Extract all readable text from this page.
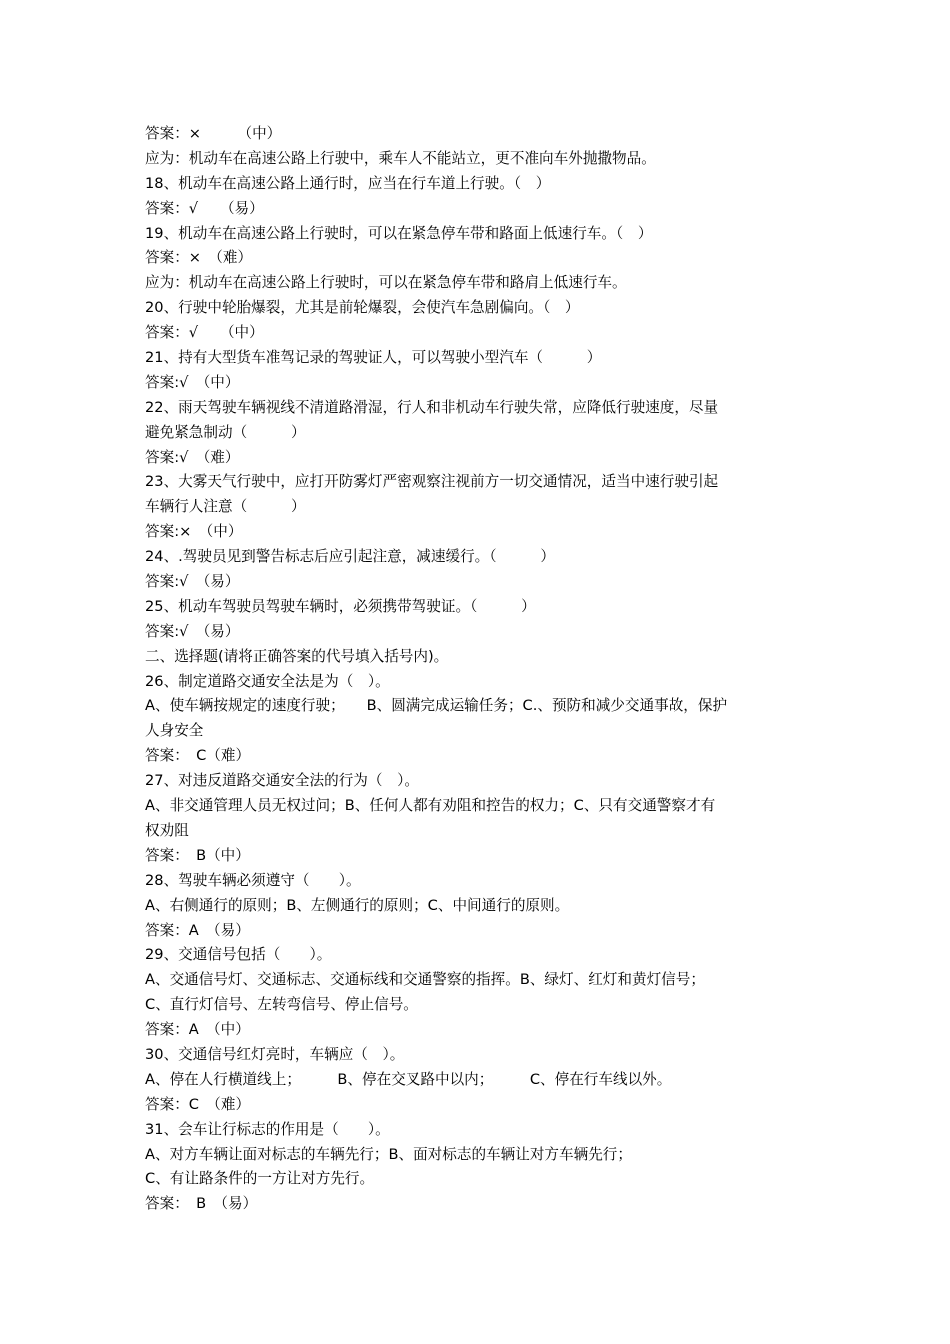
答案：×　　　（中）
应为：机动车在高速公路上行驶中，乘车人不能站立，更不准向车外抛撒物品。
18、机动车在高速公路上通行时，应当在行车道上行驶。（　）
答案：√　　（易）
19、机动车在高速公路上行驶时，可以在紧急停车带和路面上低速行车。（　）
答案：×　（难）
应为：机动车在高速公路上行驶时，可以在紧急停车带和路肩上低速行车。
20、行驶中轮胎爆裂，尤其是前轮爆裂，会使汽车急剧偏向。（　）
答案：√　　（中）
21、持有大型货车准驾记录的驾驶证人，可以驾驶小型汽车（　　　）
答案:√　（中）
22、雨天驾驶车辆视线不清道路滑湿，行人和非机动车行驶失常，应降低行驶速度，尽量
避免紧急制动（　　　）
答案:√　（难）
23、大雾天气行驶中，应打开防雾灯严密观察注视前方一切交通情况，适当中速行驶引起
车辆行人注意（　　　）
答案:×　（中）
24、.驾驶员见到警告标志后应引起注意，减速缓行。（　　　）
答案:√　（易）
25、机动车驾驶员驾驶车辆时，必须携带驾驶证。（　　　）
答案:√　（易）
二、选择题(请将正确答案的代号填入括号内)。
26、制定道路交通安全法是为（　）。
A、使车辆按规定的速度行驶；　　B、圆满完成运输任务；C.、预防和减少交通事故，保护
人身安全
答案：　C（难）
27、对违反道路交通安全法的行为（　）。
A、非交通管理人员无权过问；B、任何人都有劝阻和控告的权力；C、只有交通警察才有
权劝阻
答案：　B（中）
28、驾驶车辆必须遵守（　　）。
A、右侧通行的原则；B、左侧通行的原则；C、中间通行的原则。
答案：A　（易）
29、交通信号包括（　　）。
A、交通信号灯、交通标志、交通标线和交通警察的指挥。B、绿灯、红灯和黄灯信号；
C、直行灯信号、左转弯信号、停止信号。
答案：A　（中）
30、交通信号红灯亮时，车辆应（　）。
A、停在人行横道线上；　　　B、停在交叉路中以内；　　　C、停在行车线以外。
答案：C　（难）
31、会车让行标志的作用是（　　）。
A、对方车辆让面对标志的车辆先行；B、面对标志的车辆让对方车辆先行；
C、有让路条件的一方让对方先行。
答案：　B　（易）
